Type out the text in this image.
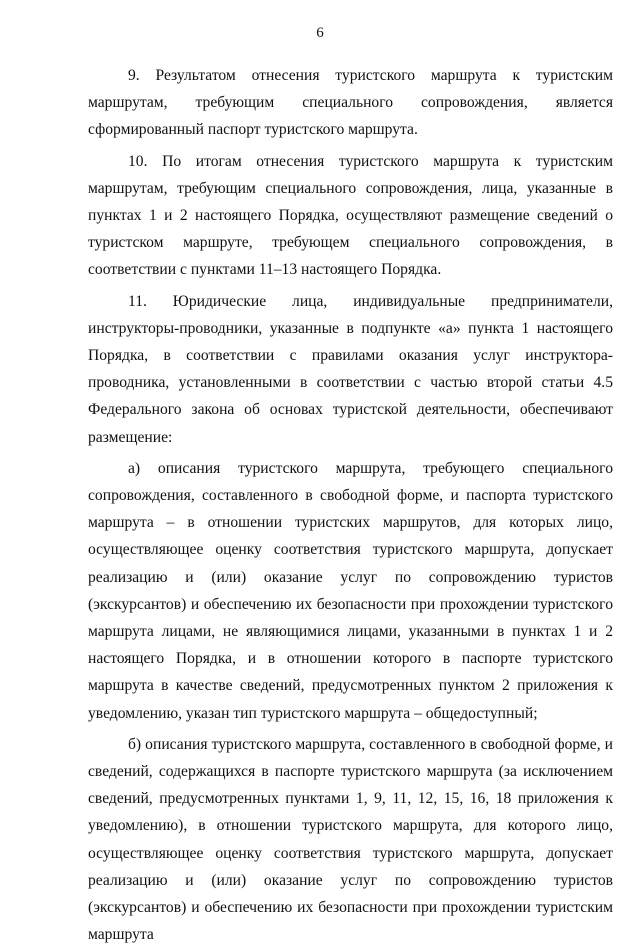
6

9. Результатом отнесения туристского маршрута к туристским маршрутам, требующим специального сопровождения, является сформированный паспорт туристского маршрута.

10. По итогам отнесения туристского маршрута к туристским маршрутам, требующим специального сопровождения, лица, указанные в пунктах 1 и 2 настоящего Порядка, осуществляют размещение сведений о туристском маршруте, требующем специального сопровождения, в соответствии с пунктами 11–13 настоящего Порядка.

11. Юридические лица, индивидуальные предприниматели, инструкторы-проводники, указанные в подпункте «а» пункта 1 настоящего Порядка, в соответствии с правилами оказания услуг инструктора-проводника, установленными в соответствии с частью второй статьи 4.5 Федерального закона об основах туристской деятельности, обеспечивают размещение:

а) описания туристского маршрута, требующего специального сопровождения, составленного в свободной форме, и паспорта туристского маршрута – в отношении туристских маршрутов, для которых лицо, осуществляющее оценку соответствия туристского маршрута, допускает реализацию и (или) оказание услуг по сопровождению туристов (экскурсантов) и обеспечению их безопасности при прохождении туристского маршрута лицами, не являющимися лицами, указанными в пунктах 1 и 2 настоящего Порядка, и в отношении которого в паспорте туристского маршрута в качестве сведений, предусмотренных пунктом 2 приложения к уведомлению, указан тип туристского маршрута – общедоступный;

б) описания туристского маршрута, составленного в свободной форме, и сведений, содержащихся в паспорте туристского маршрута (за исключением сведений, предусмотренных пунктами 1, 9, 11, 12, 15, 16, 18 приложения к уведомлению), в отношении туристского маршрута, для которого лицо, осуществляющее оценку соответствия туристского маршрута, допускает реализацию и (или) оказание услуг по сопровождению туристов (экскурсантов) и обеспечению их безопасности при прохождении туристским маршрута
